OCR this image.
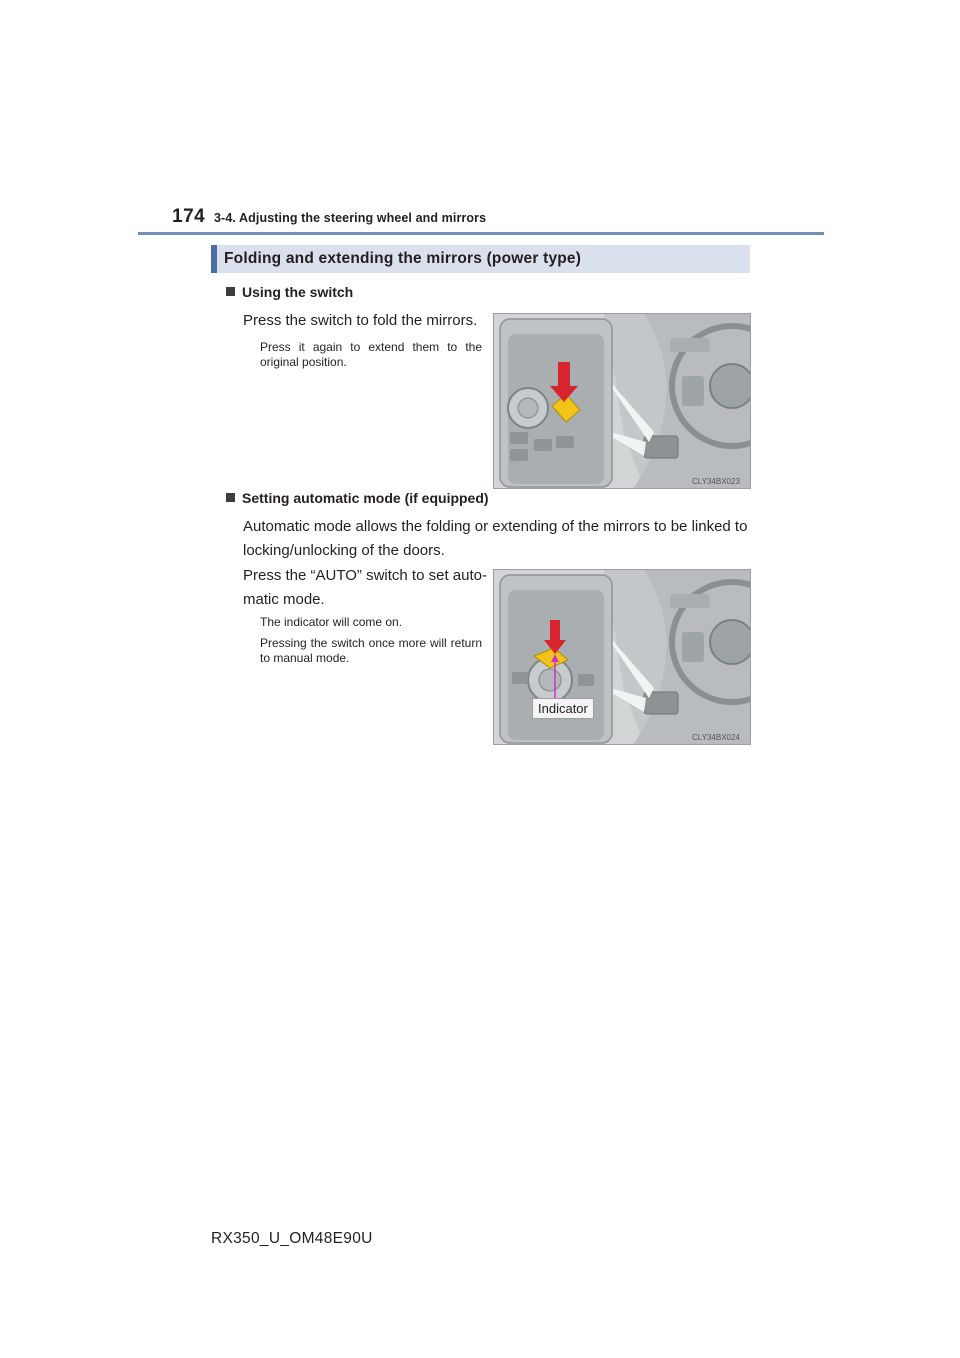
174 3-4. Adjusting the steering wheel and mirrors
Folding and extending the mirrors (power type)
Using the switch
Press the switch to fold the mirrors.
Press it again to extend them to the original position.
CLY34BX023
Setting automatic mode (if equipped)
Automatic mode allows the folding or extending of the mirrors to be linked to locking/unlocking of the doors.
Press the “AUTO” switch to set auto-
matic mode.
The indicator will come on.
Pressing the switch once more will return to manual mode.
CLY34BX024
Indicator
RX350_U_OM48E90U
